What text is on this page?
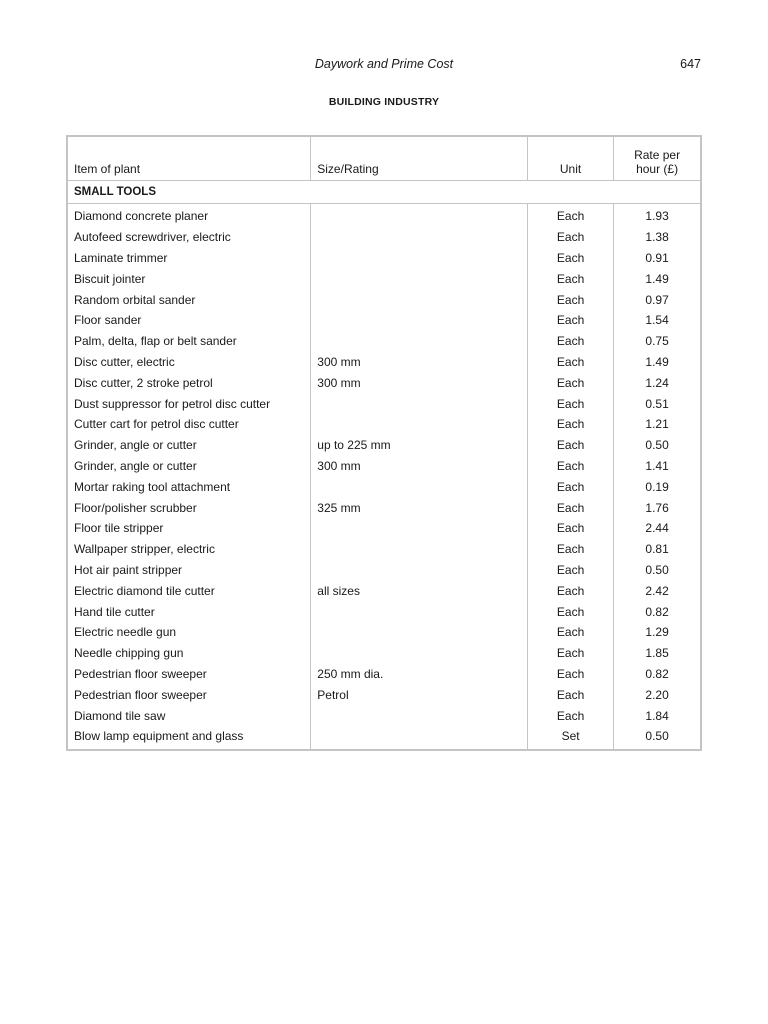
Daywork and Prime Cost	647
BUILDING INDUSTRY
Item of plant	Size/Rating	Unit	Rate per
hour (£)
SMALL TOOLS			
Diamond concrete planer		Each	1.93
Autofeed screwdriver, electric		Each	1.38
Laminate trimmer		Each	0.91
Biscuit jointer		Each	1.49
Random orbital sander		Each	0.97
Floor sander		Each	1.54
Palm, delta, flap or belt sander		Each	0.75
Disc cutter, electric	300 mm	Each	1.49
Disc cutter, 2 stroke petrol	300 mm	Each	1.24
Dust suppressor for petrol disc cutter		Each	0.51
Cutter cart for petrol disc cutter		Each	1.21
Grinder, angle or cutter	up to 225 mm	Each	0.50
Grinder, angle or cutter	300 mm	Each	1.41
Mortar raking tool attachment		Each	0.19
Floor/polisher scrubber	325 mm	Each	1.76
Floor tile stripper		Each	2.44
Wallpaper stripper, electric		Each	0.81
Hot air paint stripper		Each	0.50
Electric diamond tile cutter	all sizes	Each	2.42
Hand tile cutter		Each	0.82
Electric needle gun		Each	1.29
Needle chipping gun		Each	1.85
Pedestrian floor sweeper	250 mm dia.	Each	0.82
Pedestrian floor sweeper	Petrol	Each	2.20
Diamond tile saw		Each	1.84
Blow lamp equipment and glass		Set	0.50
